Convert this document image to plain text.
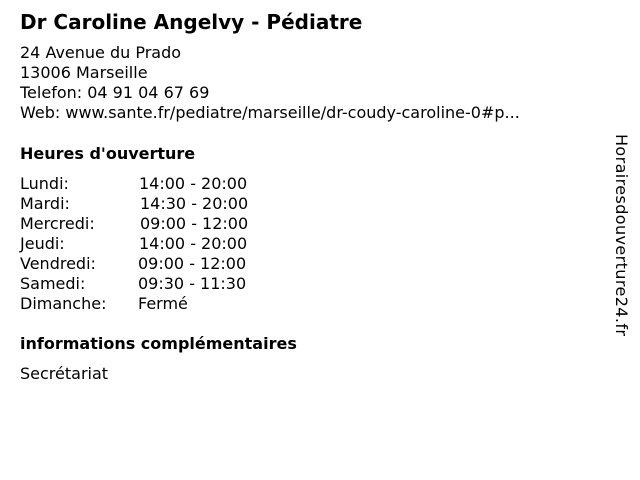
Dr Caroline Angelvy - Pédiatre
24 Avenue du Prado
13006 Marseille
Telefon: 04 91 04 67 69
Web: www.sante.fr/pediatre/marseille/dr-coudy-caroline-0#p...
Heures d'ouverture
Lundi:	14:00 - 20:00
Mardi:	14:30 - 20:00
Mercredi:	09:00 - 12:00
Jeudi:	14:00 - 20:00
Vendredi:	09:00 - 12:00
Samedi:	09:30 - 11:30
Dimanche: Fermé
informations complémentaires
Secrétariat
Horairesdouverture24.fr
